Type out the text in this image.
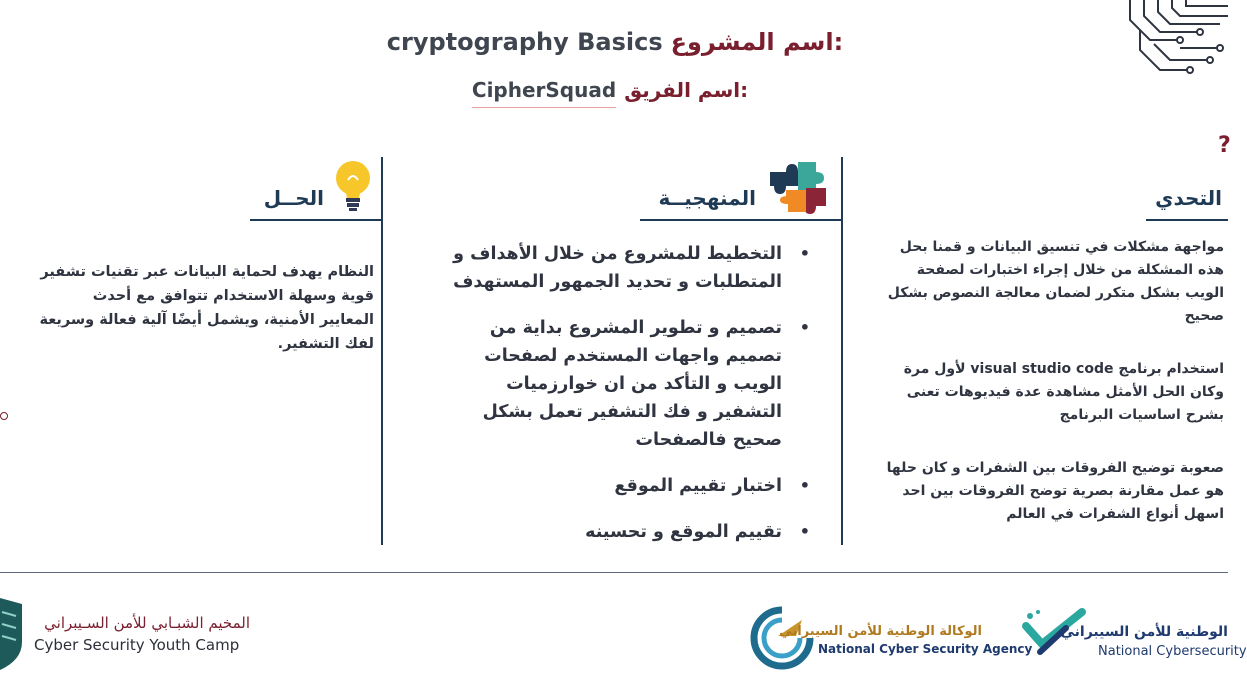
cryptography Basics اسم المشروع:
CipherSquad اسم الفريق:
?
الحــل
النظام يهدف لحماية البيانات عبر تقنيات تشفير قوية وسهلة الاستخدام تتوافق مع أحدث المعايير الأمنية، ويشمل أيضًا آلية فعالة وسريعة لفك التشفير.
المنهجيــة
• التخطيط للمشروع من خلال الأهداف و المتطلبات و تحديد الجمهور المستهدف
• تصميم و تطوير المشروع بداية من تصميم واجهات المستخدم لصفحات الويب و التأكد من ان خوارزميات التشفير و فك التشفير تعمل بشكل صحيح فالصفحات
• اختبار تقييم الموقع
• تقييم الموقع و تحسينه
التحدي
مواجهة مشكلات في تنسيق البيانات و قمنا بحل هذه المشكلة من خلال إجراء اختبارات لصفحة الويب بشكل متكرر لضمان معالجة النصوص بشكل صحيح
استخدام برنامج visual studio code لأول مرة وكان الحل الأمثل مشاهدة عدة فيديوهات تعنى بشرح اساسيات البرنامج
صعوبة توضيح الفروقات بين الشفرات و كان حلها هو عمل مقارنة بصرية توضح الفروقات بين احد اسهل أنواع الشفرات في العالم
المخيم الشبـابي للأمن السـيبراني
Cyber Security Youth Camp
الوكالة الوطنية للأمن السيبراني
National Cyber Security Agency
الوطنية للأمن السيبراني
National Cybersecurity
